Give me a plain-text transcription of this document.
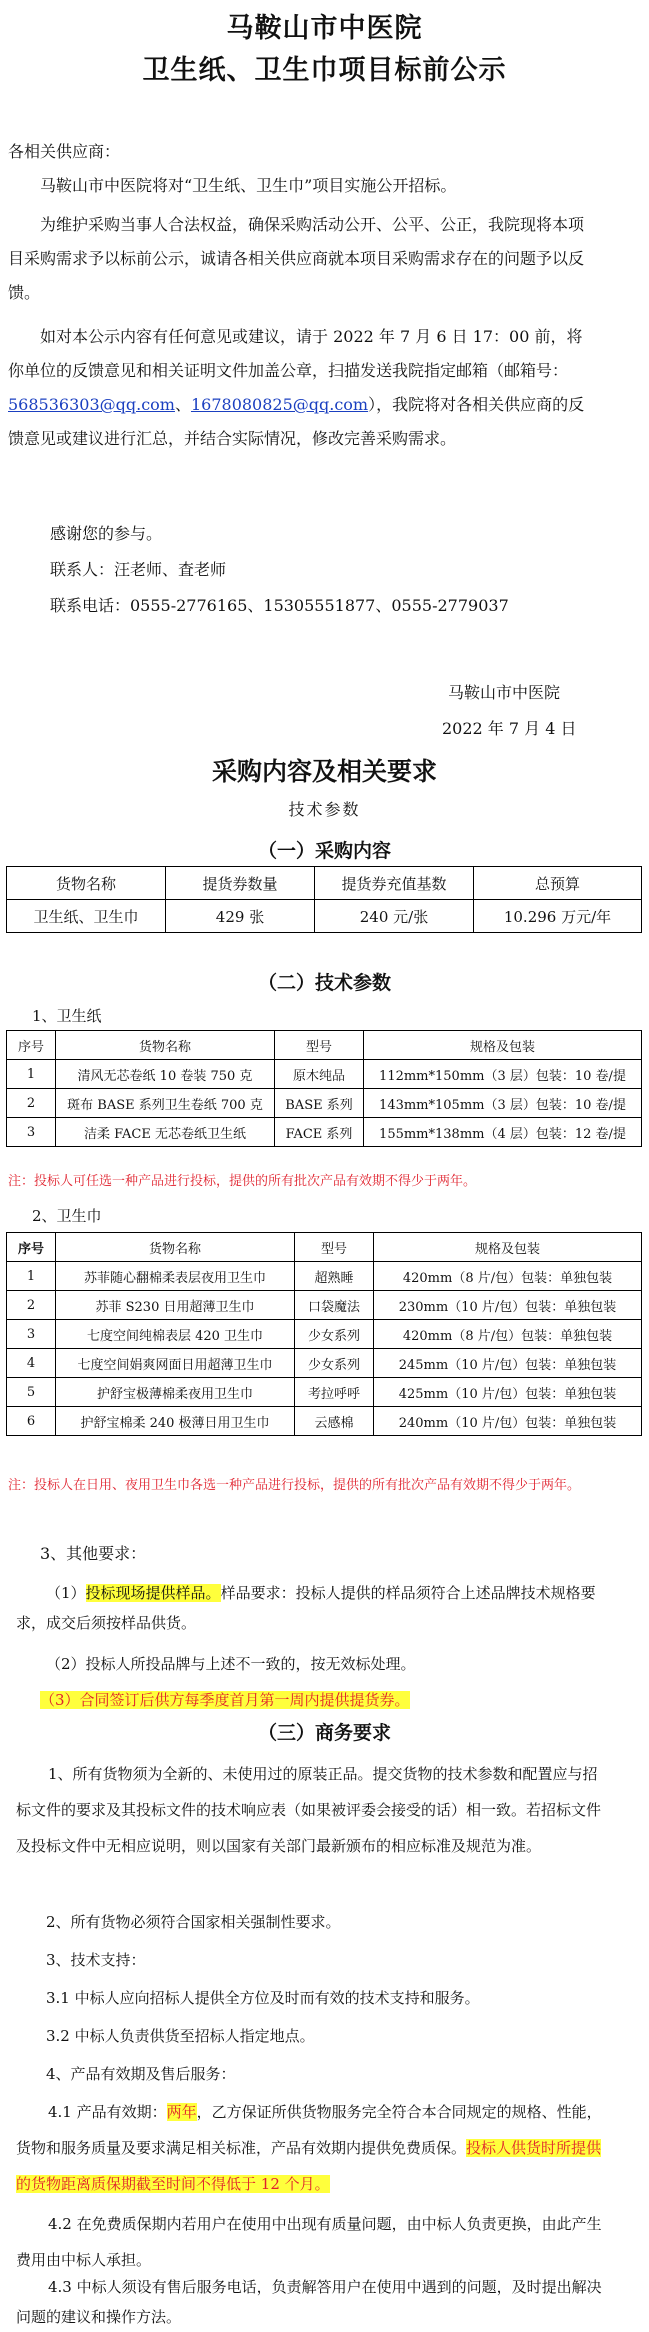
马鞍山市中医院
卫生纸、卫生巾项目标前公示
各相关供应商：
马鞍山市中医院将对“卫生纸、卫生巾”项目实施公开招标。
为维护采购当事人合法权益，确保采购活动公开、公平、公正，我院现将本项目采购需求予以标前公示，诚请各相关供应商就本项目采购需求存在的问题予以反馈。
如对本公示内容有任何意见或建议，请于 2022 年 7 月 6 日 17：00 前，将你单位的反馈意见和相关证明文件加盖公章，扫描发送我院指定邮箱（邮箱号：568536303@qq.com、1678080825@qq.com），我院将对各相关供应商的反馈意见或建议进行汇总，并结合实际情况，修改完善采购需求。
感谢您的参与。
联系人：汪老师、査老师
联系电话：0555-2776165、15305551877、0555-2779037
马鞍山市中医院
2022 年 7 月 4 日
采购内容及相关要求
技术参数
（一）采购内容
货物名称	提货券数量	提货券充值基数	总预算
卫生纸、卫生巾	429 张	240 元/张	10.296 万元/年
（二）技术参数
1、卫生纸
序号	货物名称	型号	规格及包装
1	清风无芯卷纸 10 卷装 750 克	原木纯品	112mm*150mm（3 层）包装：10 卷/提
2	斑布 BASE 系列卫生卷纸 700 克	BASE 系列	143mm*105mm（3 层）包装：10 卷/提
3	洁柔 FACE 无芯卷纸卫生纸	FACE 系列	155mm*138mm（4 层）包装：12 卷/提
注：投标人可任选一种产品进行投标，提供的所有批次产品有效期不得少于两年。
2、卫生巾
序号	货物名称	型号	规格及包装
1	苏菲随心翻棉柔表层夜用卫生巾	超熟睡	420mm（8 片/包）包装：单独包装
2	苏菲 S230 日用超薄卫生巾	口袋魔法	230mm（10 片/包）包装：单独包装
3	七度空间纯棉表层 420 卫生巾	少女系列	420mm（8 片/包）包装：单独包装
4	七度空间娟爽网面日用超薄卫生巾	少女系列	245mm（10 片/包）包装：单独包装
5	护舒宝极薄棉柔夜用卫生巾	考拉呼呼	425mm（10 片/包）包装：单独包装
6	护舒宝棉柔 240 极薄日用卫生巾	云感棉	240mm（10 片/包）包装：单独包装
注：投标人在日用、夜用卫生巾各选一种产品进行投标，提供的所有批次产品有效期不得少于两年。
3、其他要求：
（1）投标现场提供样品。样品要求：投标人提供的样品须符合上述品牌技术规格要求，成交后须按样品供货。
（2）投标人所投品牌与上述不一致的，按无效标处理。
（3）合同签订后供方每季度首月第一周内提供提货券。
（三）商务要求
1、所有货物须为全新的、未使用过的原装正品。提交货物的技术参数和配置应与招标文件的要求及其投标文件的技术响应表（如果被评委会接受的话）相一致。若招标文件及投标文件中无相应说明，则以国家有关部门最新颁布的相应标准及规范为准。
2、所有货物必须符合国家相关强制性要求。
3、技术支持：
3.1 中标人应向招标人提供全方位及时而有效的技术支持和服务。
3.2 中标人负责供货至招标人指定地点。
4、产品有效期及售后服务：
4.1 产品有效期：两年，乙方保证所供货物服务完全符合本合同规定的规格、性能，货物和服务质量及要求满足相关标准，产品有效期内提供免费质保。投标人供货时所提供的货物距离质保期截至时间不得低于 12 个月。
4.2 在免费质保期内若用户在使用中出现有质量问题，由中标人负责更换，由此产生费用由中标人承担。
4.3 中标人须设有售后服务电话，负责解答用户在使用中遇到的问题，及时提出解决问题的建议和操作方法。
